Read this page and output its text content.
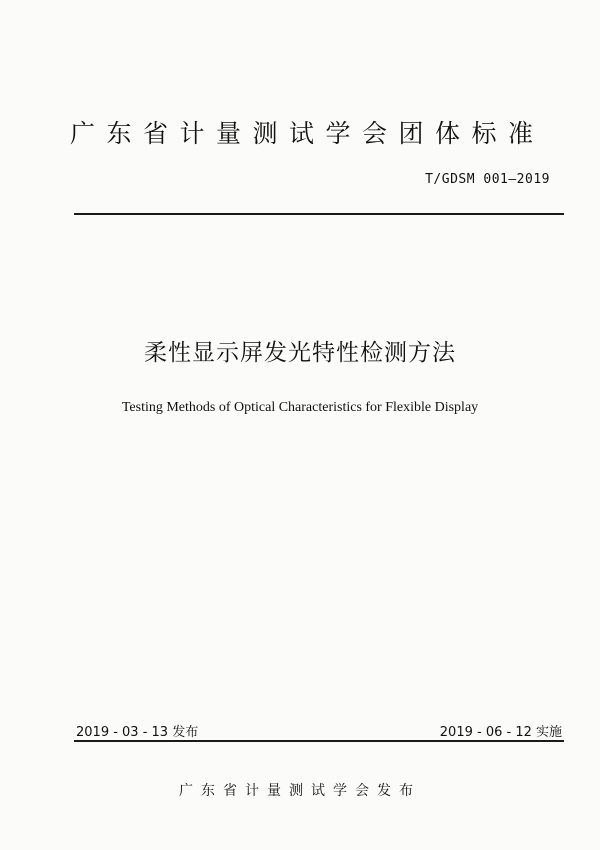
广东省计量测试学会团体标准
T/GDSM 001—2019
柔性显示屏发光特性检测方法
Testing Methods of Optical Characteristics for Flexible Display
2019 - 03 - 13 发布	2019 - 06 - 12 实施
广东省计量测试学会发布
